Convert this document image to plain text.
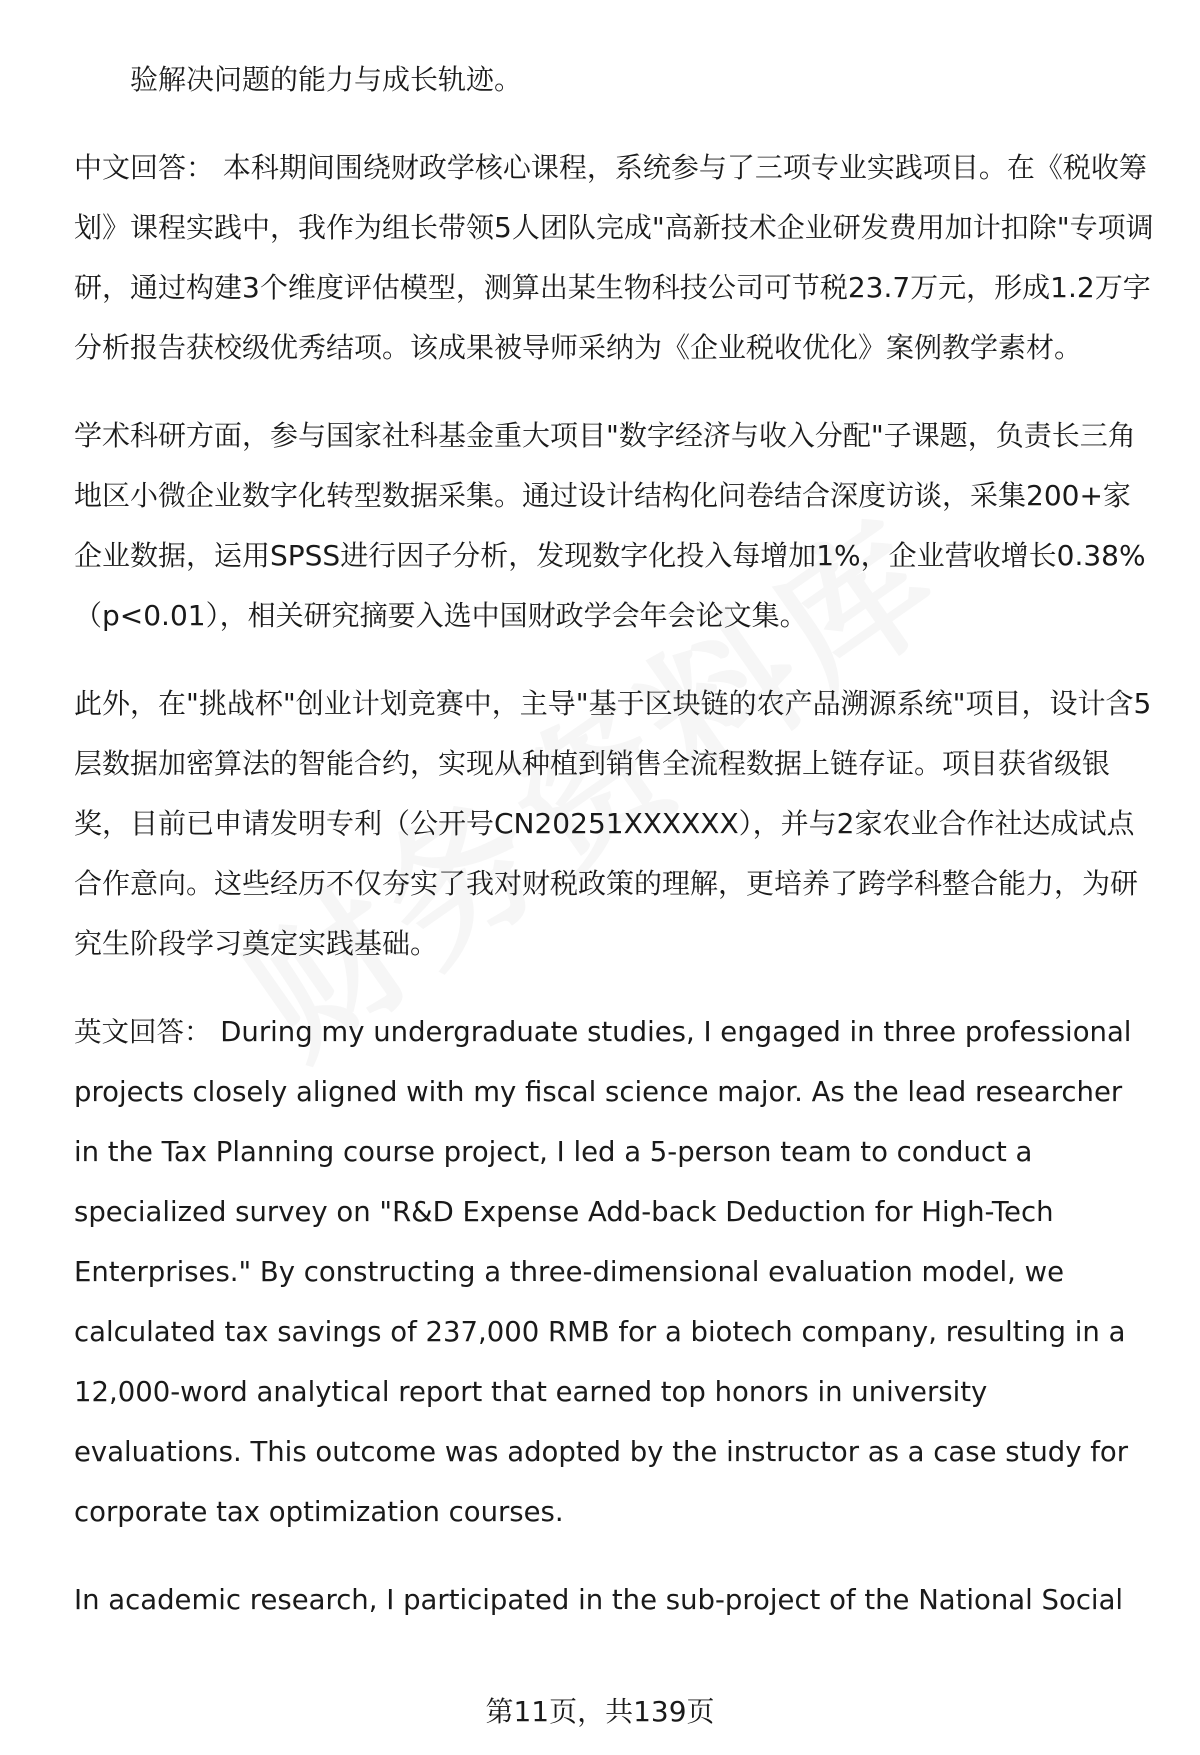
验解决问题的能力与成长轨迹。

中文回答： 本科期间围绕财政学核心课程，系统参与了三项专业实践项目。在《税收筹划》课程实践中，我作为组长带领5人团队完成"高新技术企业研发费用加计扣除"专项调研，通过构建3个维度评估模型，测算出某生物科技公司可节税23.7万元，形成1.2万字分析报告获校级优秀结项。该成果被导师采纳为《企业税收优化》案例教学素材。

学术科研方面，参与国家社科基金重大项目"数字经济与收入分配"子课题，负责长三角地区小微企业数字化转型数据采集。通过设计结构化问卷结合深度访谈，采集200+家企业数据，运用SPSS进行因子分析，发现数字化投入每增加1%，企业营收增长0.38%（p<0.01），相关研究摘要入选中国财政学会年会论文集。

此外，在"挑战杯"创业计划竞赛中，主导"基于区块链的农产品溯源系统"项目，设计含5层数据加密算法的智能合约，实现从种植到销售全流程数据上链存证。项目获省级银奖，目前已申请发明专利（公开号CN20251XXXXXX），并与2家农业合作社达成试点合作意向。这些经历不仅夯实了我对财税政策的理解，更培养了跨学科整合能力，为研究生阶段学习奠定实践基础。

英文回答： During my undergraduate studies, I engaged in three professional projects closely aligned with my fiscal science major. As the lead researcher in the Tax Planning course project, I led a 5-person team to conduct a specialized survey on "R&D Expense Add-back Deduction for High-Tech Enterprises." By constructing a three-dimensional evaluation model, we calculated tax savings of 237,000 RMB for a biotech company, resulting in a 12,000-word analytical report that earned top honors in university evaluations. This outcome was adopted by the instructor as a case study for corporate tax optimization courses.

In academic research, I participated in the sub-project of the National Social

第11页，共139页
